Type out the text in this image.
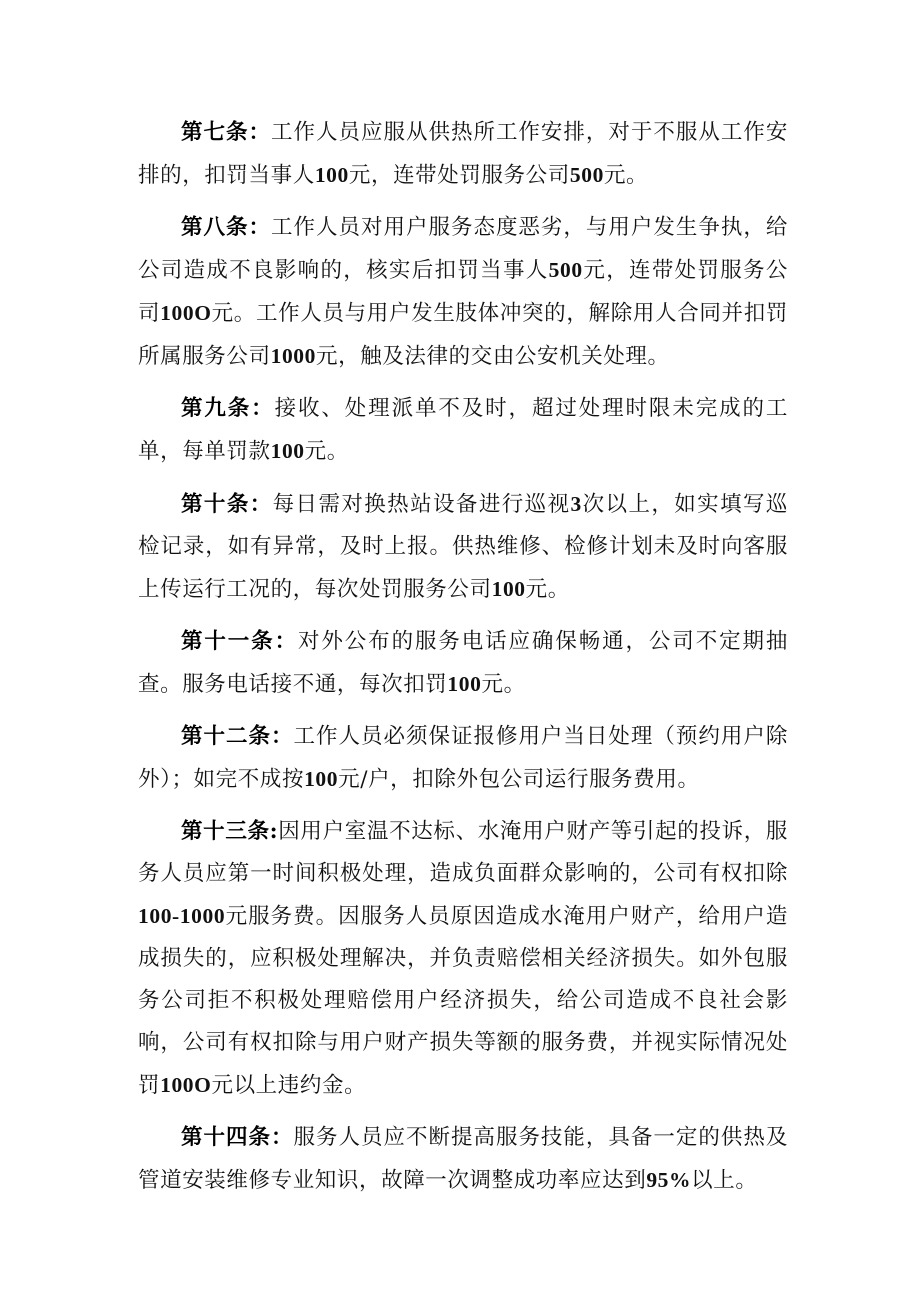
第七条：工作人员应服从供热所工作安排，对于不服从工作安排的，扣罚当事人100元，连带处罚服务公司500元。

第八条：工作人员对用户服务态度恶劣，与用户发生争执，给公司造成不良影响的，核实后扣罚当事人500元，连带处罚服务公司100O元。工作人员与用户发生肢体冲突的，解除用人合同并扣罚所属服务公司1000元，触及法律的交由公安机关处理。

第九条：接收、处理派单不及时，超过处理时限未完成的工单，每单罚款100元。

第十条：每日需对换热站设备进行巡视3次以上，如实填写巡检记录，如有异常，及时上报。供热维修、检修计划未及时向客服上传运行工况的，每次处罚服务公司100元。

第十一条：对外公布的服务电话应确保畅通，公司不定期抽查。服务电话接不通，每次扣罚100元。

第十二条：工作人员必须保证报修用户当日处理（预约用户除外）；如完不成按100元/户，扣除外包公司运行服务费用。

第十三条:因用户室温不达标、水淹用户财产等引起的投诉，服务人员应第一时间积极处理，造成负面群众影响的，公司有权扣除100-1000元服务费。因服务人员原因造成水淹用户财产，给用户造成损失的，应积极处理解决，并负责赔偿相关经济损失。如外包服务公司拒不积极处理赔偿用户经济损失，给公司造成不良社会影响，公司有权扣除与用户财产损失等额的服务费，并视实际情况处罚100O元以上违约金。

第十四条：服务人员应不断提高服务技能，具备一定的供热及管道安装维修专业知识，故障一次调整成功率应达到95%以上。
